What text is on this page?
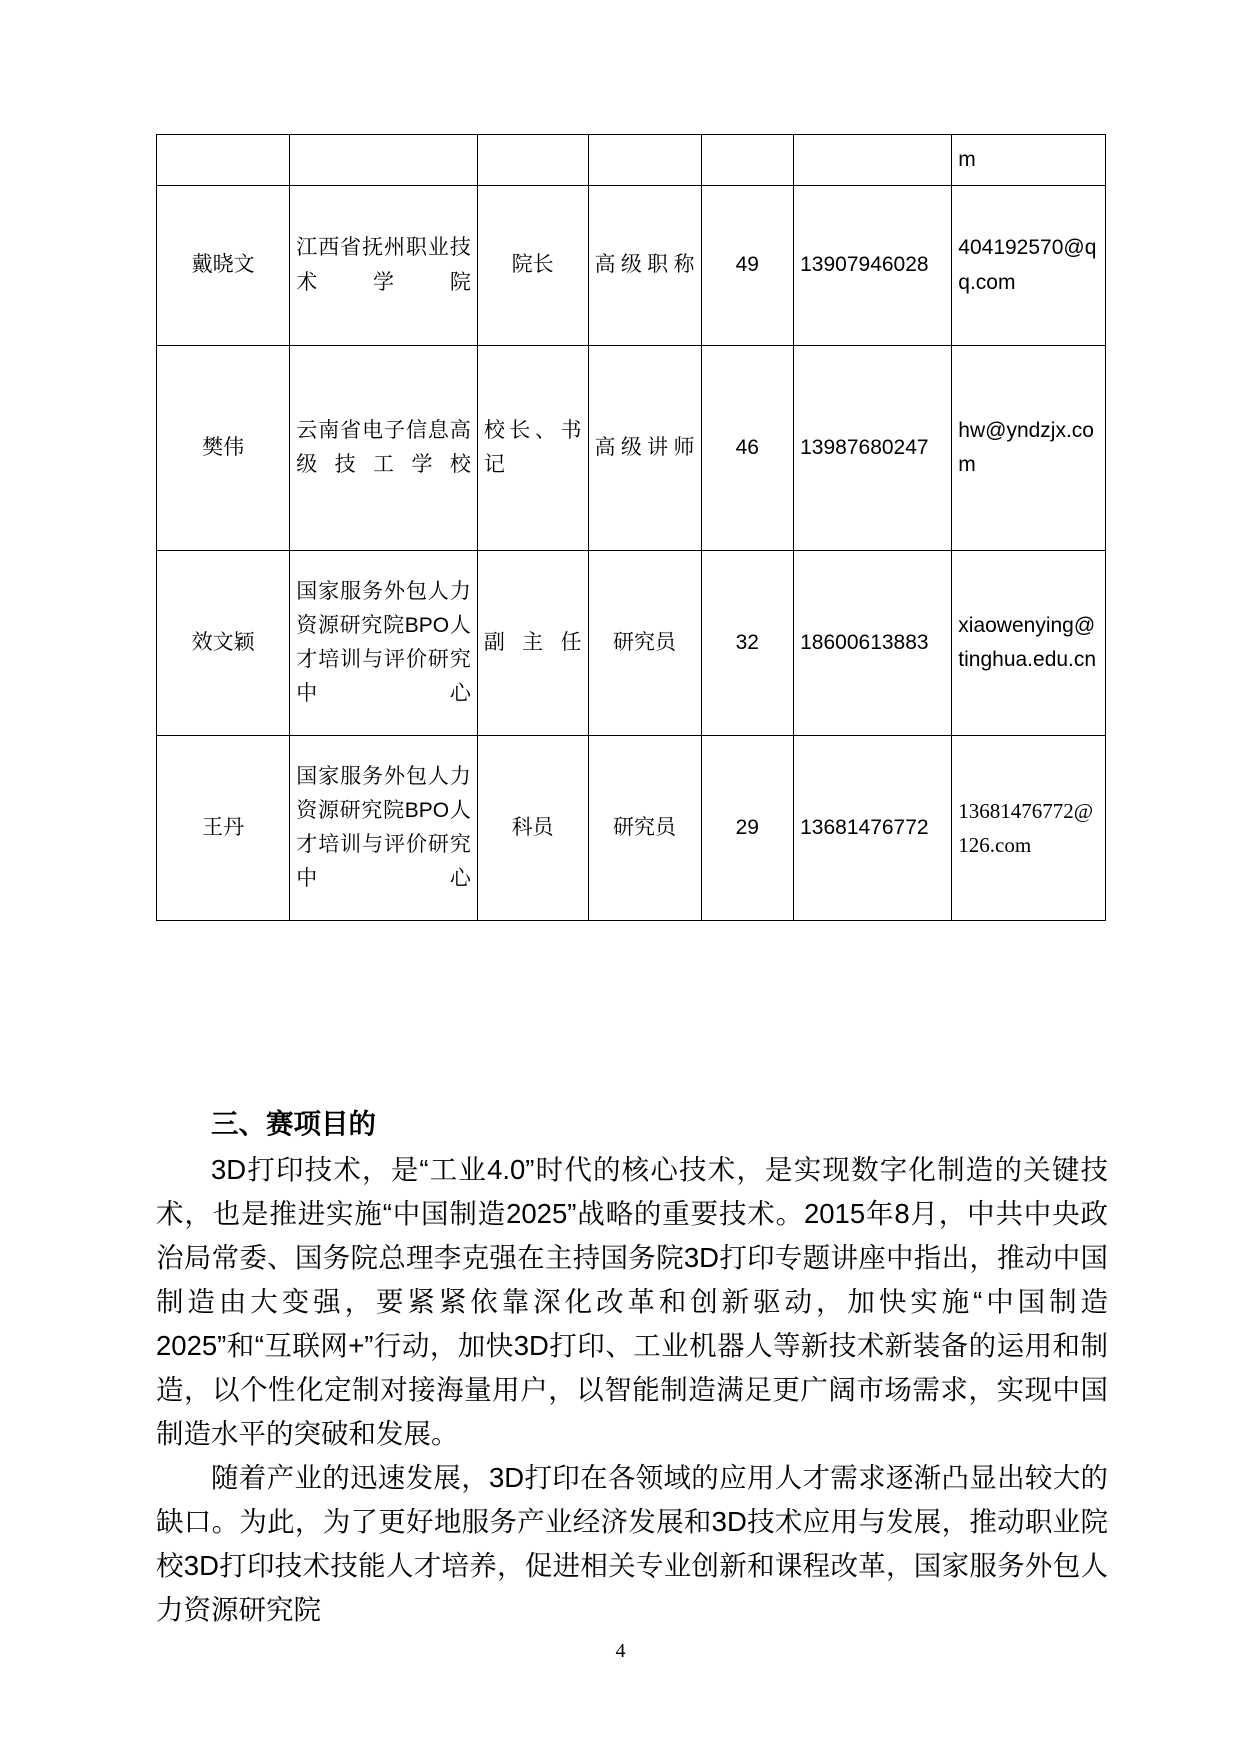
						m
戴晓文	江西省抚州职业技术学院	院长	高级职称	49	13907946028	404192570@qq.com
樊伟	云南省电子信息高级技工学校	校长、书记	高级讲师	46	13987680247	hw@yndzjx.com
效文颖	国家服务外包人力资源研究院BPO人才培训与评价研究中心	副主任	研究员	32	18600613883	xiaowenying@tinghua.edu.cn
王丹	国家服务外包人力资源研究院BPO人才培训与评价研究中心	科员	研究员	29	13681476772	13681476772@126.com
三、赛项目的

3D打印技术，是“工业4.0”时代的核心技术，是实现数字化制造的关键技术，也是推进实施“中国制造2025”战略的重要技术。2015年8月，中共中央政治局常委、国务院总理李克强在主持国务院3D打印专题讲座中指出，推动中国制造由大变强，要紧紧依靠深化改革和创新驱动，加快实施“中国制造2025”和“互联网+”行动，加快3D打印、工业机器人等新技术新装备的运用和制造，以个性化定制对接海量用户，以智能制造满足更广阔市场需求，实现中国制造水平的突破和发展。

随着产业的迅速发展，3D打印在各领域的应用人才需求逐渐凸显出较大的缺口。为此，为了更好地服务产业经济发展和3D技术应用与发展，推动职业院校3D打印技术技能人才培养，促进相关专业创新和课程改革，国家服务外包人力资源研究院

4
